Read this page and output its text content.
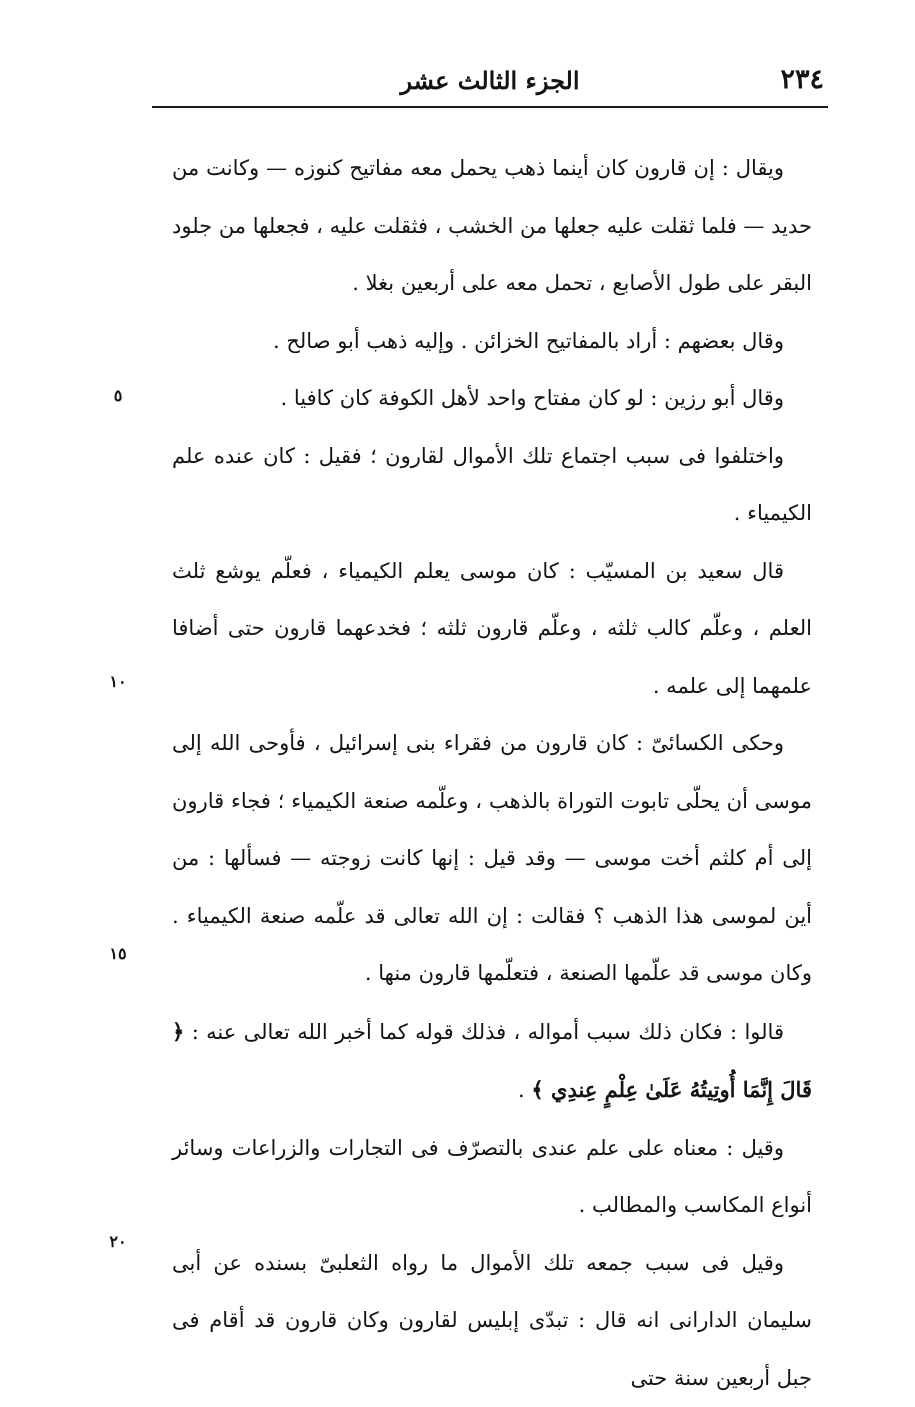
٢٣٤
الجزء الثالث عشر
٥
١٠
١٥
٢٠

ويقال : إن قارون كان أينما ذهب يحمل معه مفاتيح كنوزه — وكانت من حديد — فلما ثقلت عليه جعلها من الخشب ، فثقلت عليه ، فجعلها من جلود البقر على طول الأصابع ، تحمل معه على أربعين بغلا .

وقال بعضهم : أراد بالمفاتيح الخزائن . وإليه ذهب أبو صالح .

وقال أبو رزين : لو كان مفتاح واحد لأهل الكوفة كان كافيا .

واختلفوا فى سبب اجتماع تلك الأموال لقارون ؛ فقيل : كان عنده علم الكيمياء .

قال سعيد بن المسيّب : كان موسى يعلم الكيمياء ، فعلّم يوشع ثلث العلم ، وعلّم كالب ثلثه ، وعلّم قارون ثلثه ؛ فخدعهما قارون حتى أضافا علمهما إلى علمه .

وحكى الكسائىّ : كان قارون من فقراء بنى إسرائيل ، فأوحى الله إلى موسى أن يحلّى تابوت التوراة بالذهب ، وعلّمه صنعة الكيمياء ؛ فجاء قارون إلى أم كلثم أخت موسى — وقد قيل : إنها كانت زوجته — فسألها : من أين لموسى هذا الذهب ؟ فقالت : إن الله تعالى قد علّمه صنعة الكيمياء . وكان موسى قد علّمها الصنعة ، فتعلّمها قارون منها .

قالوا : فكان ذلك سبب أمواله ، فذلك قوله كما أخبر الله تعالى عنه : ﴿ قَالَ إِنَّمَا أُوتِيتُهُ عَلَىٰ عِلْمٍ عِندِي ﴾ .

وقيل : معناه على علم عندى بالتصرّف فى التجارات والزراعات وسائر أنواع المكاسب والمطالب .

وقيل فى سبب جمعه تلك الأموال ما رواه الثعلبىّ بسنده عن أبى سليمان الدارانى انه قال : تبدّى إبليس لقارون وكان قارون قد أقام فى جبل أربعين سنة حتى
